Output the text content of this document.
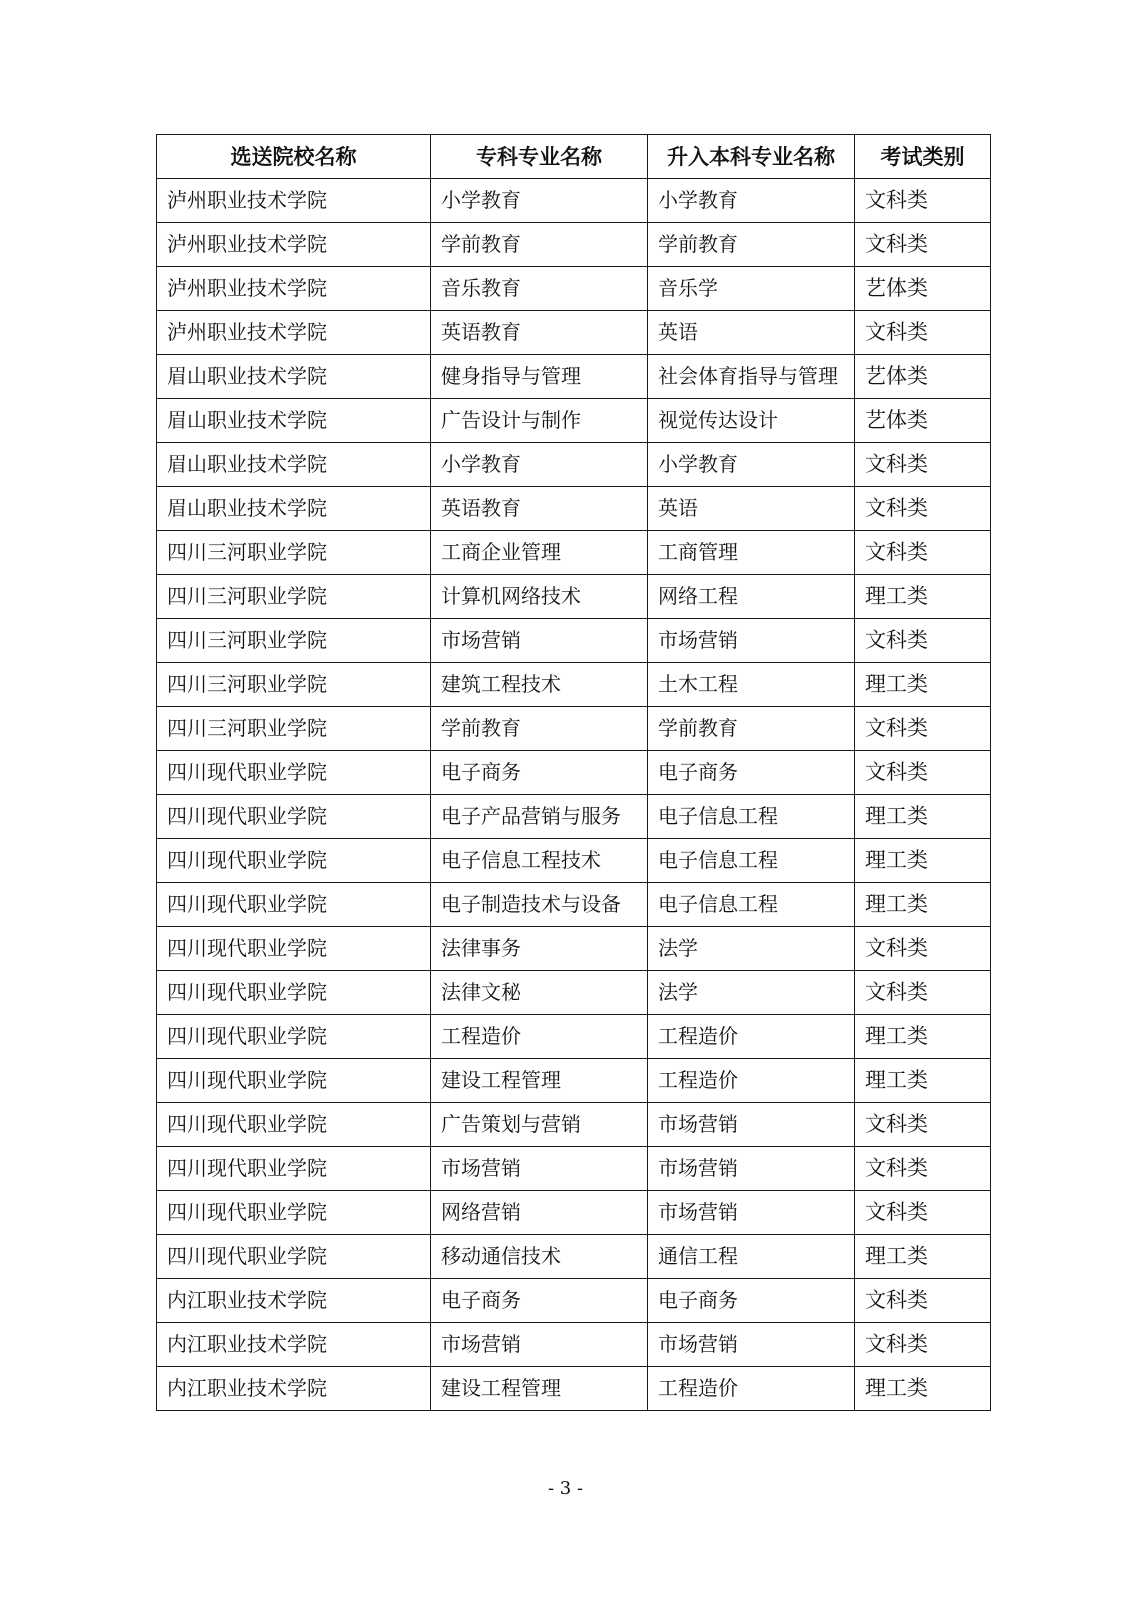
选送院校名称	专科专业名称	升入本科专业名称	考试类别
泸州职业技术学院	小学教育	小学教育	文科类
泸州职业技术学院	学前教育	学前教育	文科类
泸州职业技术学院	音乐教育	音乐学	艺体类
泸州职业技术学院	英语教育	英语	文科类
眉山职业技术学院	健身指导与管理	社会体育指导与管理	艺体类
眉山职业技术学院	广告设计与制作	视觉传达设计	艺体类
眉山职业技术学院	小学教育	小学教育	文科类
眉山职业技术学院	英语教育	英语	文科类
四川三河职业学院	工商企业管理	工商管理	文科类
四川三河职业学院	计算机网络技术	网络工程	理工类
四川三河职业学院	市场营销	市场营销	文科类
四川三河职业学院	建筑工程技术	土木工程	理工类
四川三河职业学院	学前教育	学前教育	文科类
四川现代职业学院	电子商务	电子商务	文科类
四川现代职业学院	电子产品营销与服务	电子信息工程	理工类
四川现代职业学院	电子信息工程技术	电子信息工程	理工类
四川现代职业学院	电子制造技术与设备	电子信息工程	理工类
四川现代职业学院	法律事务	法学	文科类
四川现代职业学院	法律文秘	法学	文科类
四川现代职业学院	工程造价	工程造价	理工类
四川现代职业学院	建设工程管理	工程造价	理工类
四川现代职业学院	广告策划与营销	市场营销	文科类
四川现代职业学院	市场营销	市场营销	文科类
四川现代职业学院	网络营销	市场营销	文科类
四川现代职业学院	移动通信技术	通信工程	理工类
内江职业技术学院	电子商务	电子商务	文科类
内江职业技术学院	市场营销	市场营销	文科类
内江职业技术学院	建设工程管理	工程造价	理工类
- 3 -
